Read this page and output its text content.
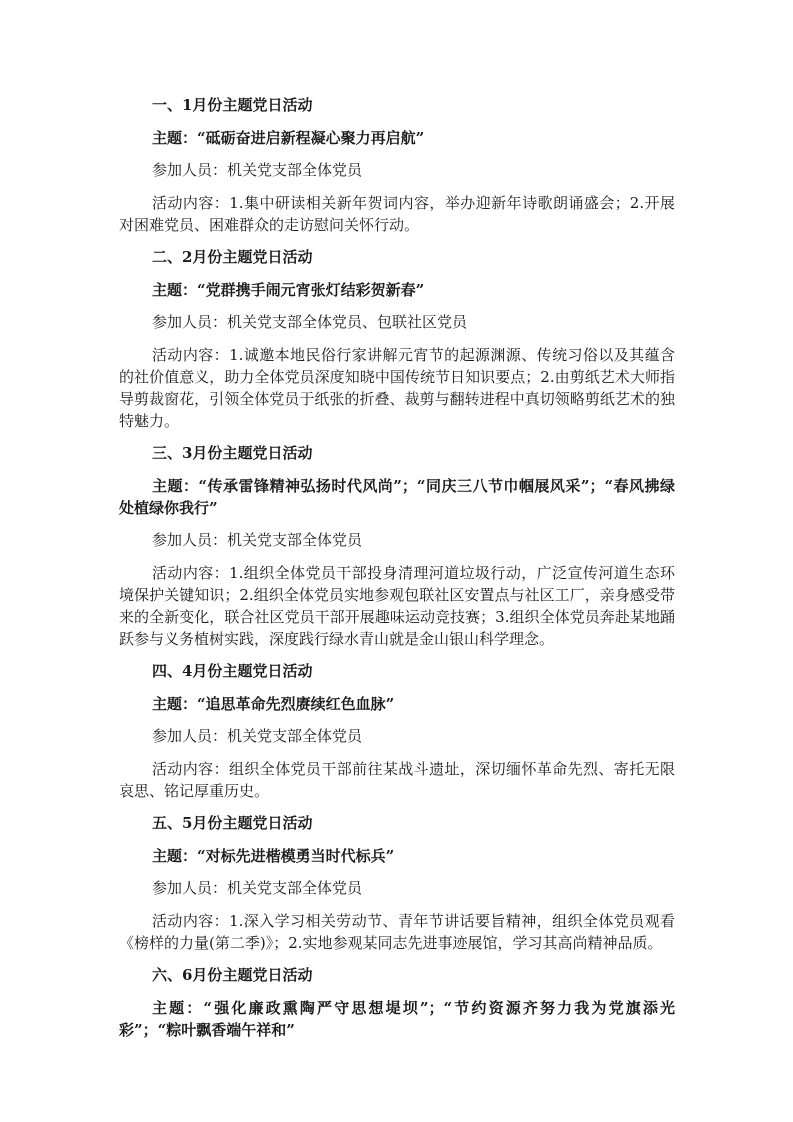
一、1月份主题党日活动

主题：“砥砺奋进启新程凝心聚力再启航”

参加人员：机关党支部全体党员

活动内容：1.集中研读相关新年贺词内容，举办迎新年诗歌朗诵盛会；2.开展对困难党员、困难群众的走访慰问关怀行动。

二、2月份主题党日活动

主题：“党群携手闹元宵张灯结彩贺新春”

参加人员：机关党支部全体党员、包联社区党员

活动内容：1.诚邀本地民俗行家讲解元宵节的起源渊源、传统习俗以及其蕴含的社价值意义，助力全体党员深度知晓中国传统节日知识要点；2.由剪纸艺术大师指导剪裁窗花，引领全体党员于纸张的折叠、裁剪与翻转进程中真切领略剪纸艺术的独特魅力。

三、3月份主题党日活动

主题：“传承雷锋精神弘扬时代风尚”；“同庆三八节巾帼展风采”；“春风拂绿处植绿你我行”

参加人员：机关党支部全体党员

活动内容：1.组织全体党员干部投身清理河道垃圾行动，广泛宣传河道生态环境保护关键知识；2.组织全体党员实地参观包联社区安置点与社区工厂，亲身感受带来的全新变化，联合社区党员干部开展趣味运动竞技赛；3.组织全体党员奔赴某地踊跃参与义务植树实践，深度践行绿水青山就是金山银山科学理念。

四、4月份主题党日活动

主题：“追思革命先烈赓续红色血脉”

参加人员：机关党支部全体党员

活动内容：组织全体党员干部前往某战斗遗址，深切缅怀革命先烈、寄托无限哀思、铭记厚重历史。

五、5月份主题党日活动

主题：“对标先进楷模勇当时代标兵”

参加人员：机关党支部全体党员

活动内容：1.深入学习相关劳动节、青年节讲话要旨精神，组织全体党员观看《榜样的力量(第二季)》；2.实地参观某同志先进事迹展馆，学习其高尚精神品质。

六、6月份主题党日活动

主题：“强化廉政熏陶严守思想堤坝”；“节约资源齐努力我为党旗添光彩”；“粽叶飘香端午祥和”
